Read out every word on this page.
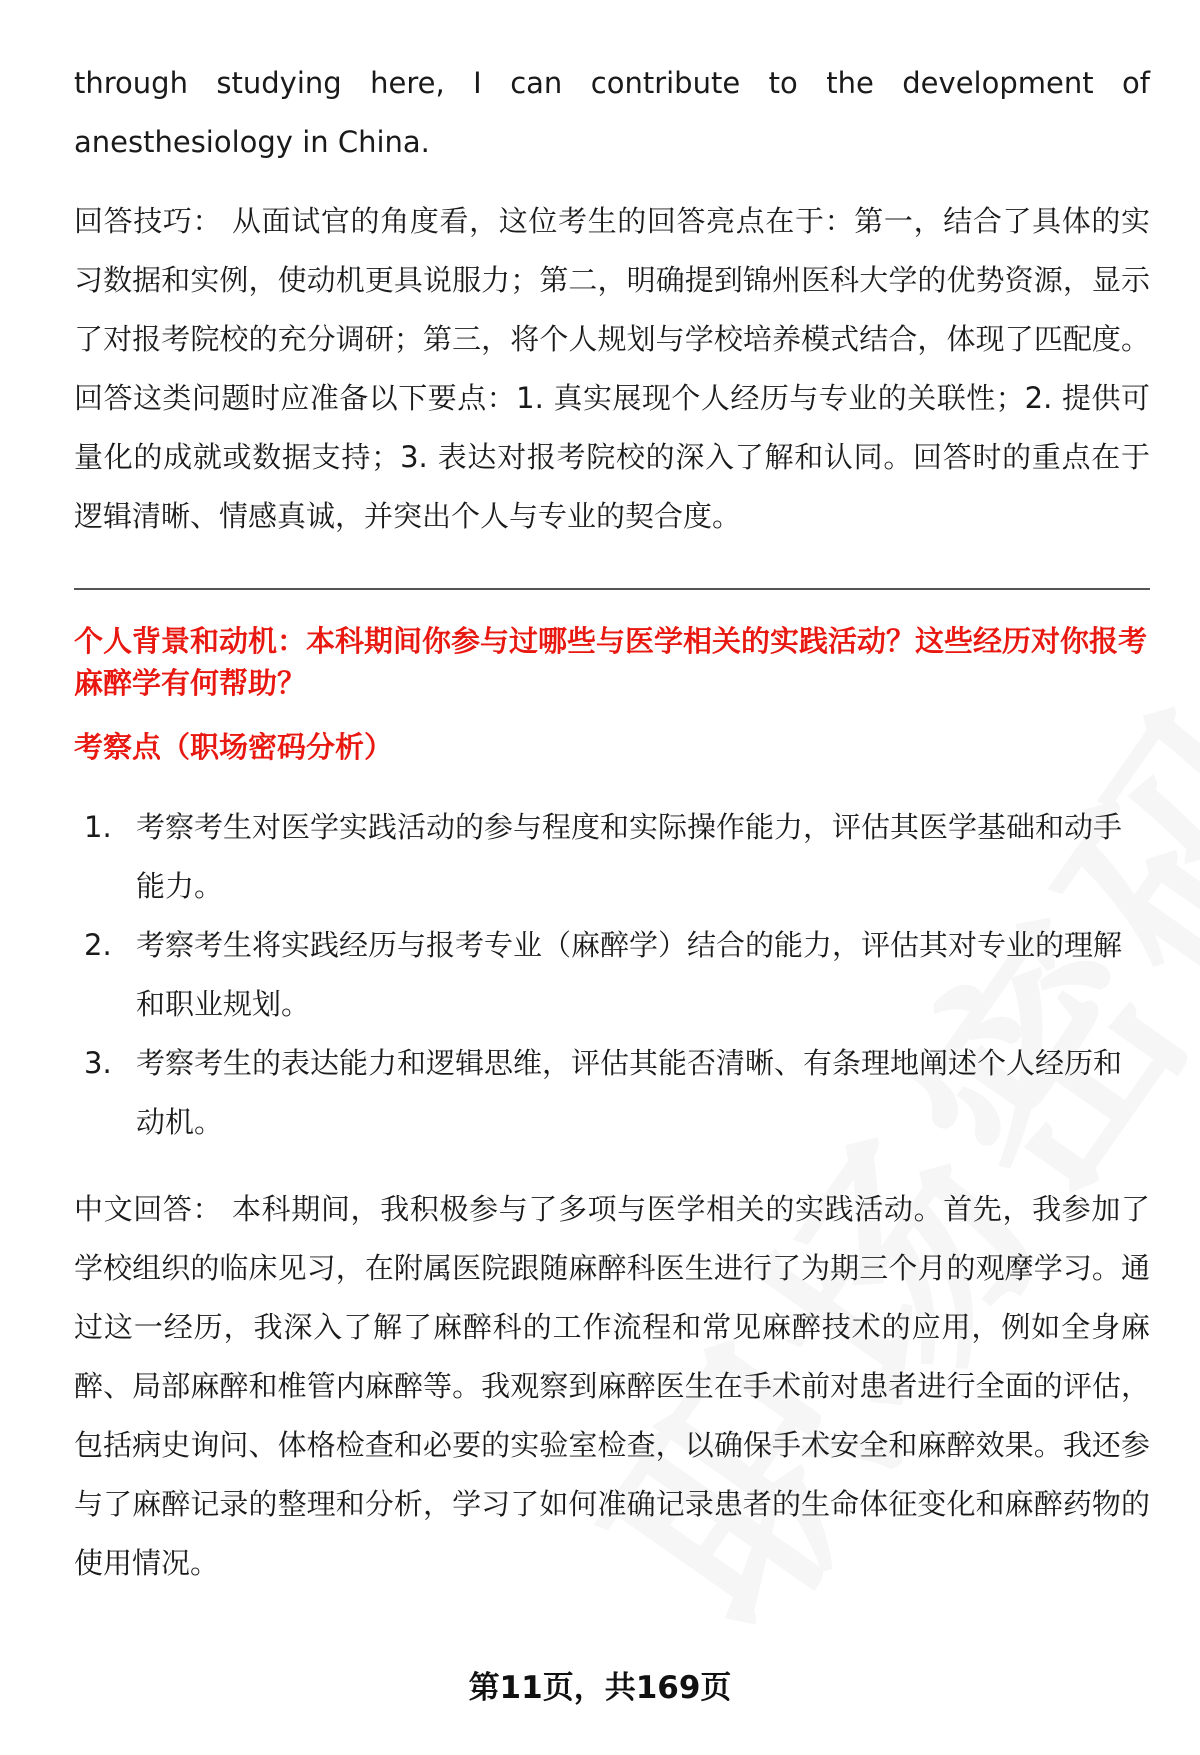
through studying here, I can contribute to the development of anesthesiology in China.

回答技巧： 从面试官的角度看，这位考生的回答亮点在于：第一，结合了具体的实习数据和实例，使动机更具说服力；第二，明确提到锦州医科大学的优势资源，显示了对报考院校的充分调研；第三，将个人规划与学校培养模式结合，体现了匹配度。回答这类问题时应准备以下要点：1. 真实展现个人经历与专业的关联性；2. 提供可量化的成就或数据支持；3. 表达对报考院校的深入了解和认同。回答时的重点在于逻辑清晰、情感真诚，并突出个人与专业的契合度。

个人背景和动机：本科期间你参与过哪些与医学相关的实践活动？这些经历对你报考麻醉学有何帮助？

考察点（职场密码分析）

1. 考察考生对医学实践活动的参与程度和实际操作能力，评估其医学基础和动手能力。
2. 考察考生将实践经历与报考专业（麻醉学）结合的能力，评估其对专业的理解和职业规划。
3. 考察考生的表达能力和逻辑思维，评估其能否清晰、有条理地阐述个人经历和动机。

中文回答： 本科期间，我积极参与了多项与医学相关的实践活动。首先，我参加了学校组织的临床见习，在附属医院跟随麻醉科医生进行了为期三个月的观摩学习。通过这一经历，我深入了解了麻醉科的工作流程和常见麻醉技术的应用，例如全身麻醉、局部麻醉和椎管内麻醉等。我观察到麻醉医生在手术前对患者进行全面的评估，包括病史询问、体格检查和必要的实验室检查，以确保手术安全和麻醉效果。我还参与了麻醉记录的整理和分析，学习了如何准确记录患者的生命体征变化和麻醉药物的使用情况。

第11页，共169页
